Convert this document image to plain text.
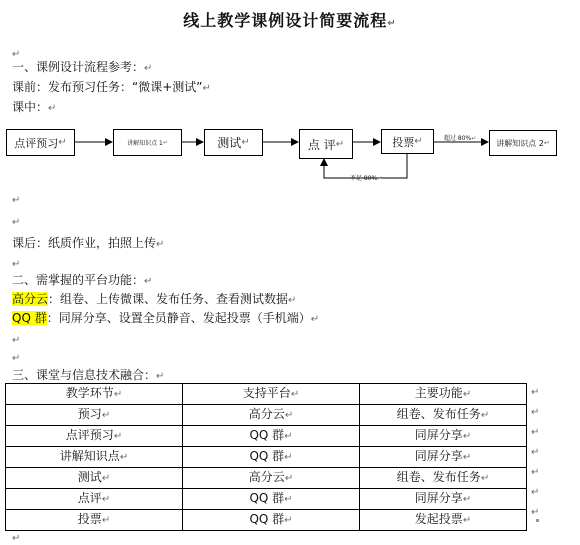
线上教学课例设计简要流程↵
↵
一、课例设计流程参考：↵
课前：发布预习任务：“微课+测试”↵
课中：↵
点评预习 ↵	讲解知识点 1 ↵	测试 ↵	点 评 ↵	投票 ↵	讲解知识点 2 ↵
超过 80%↵
不足 80%↵
↵
↵
课后：纸质作业，拍照上传↵
↵
二、需掌握的平台功能：↵
高分云：组卷、上传微课、发布任务、查看测试数据↵
QQ 群：同屏分享、设置全员静音、发起投票（手机端）↵
↵
↵
三、课堂与信息技术融合：↵
教学环节↵	支持平台↵	主要功能↵
预习↵	高分云↵	组卷、发布任务↵
点评预习↵	QQ 群↵	同屏分享↵
讲解知识点↵	QQ 群↵	同屏分享↵
测试↵	高分云↵	组卷、发布任务↵
点评↵	QQ 群↵	同屏分享↵
投票↵	QQ 群↵	发起投票↵
↵
↵
↵
↵
↵
↵
↵
↵
